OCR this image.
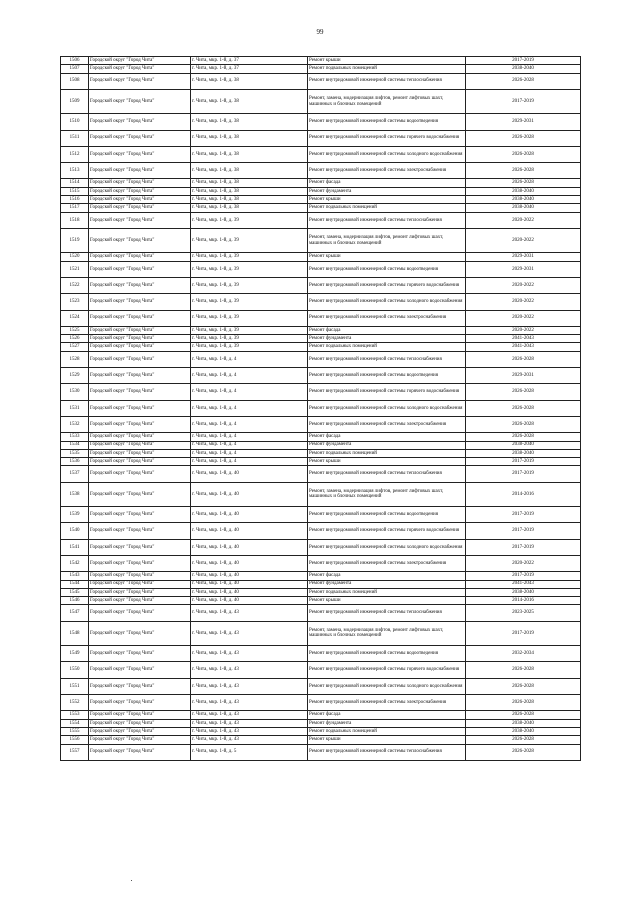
99
1506	Городской округ "Город Чита"	г. Чита, мкр. 1-й, д. 37	Ремонт крыши	2017-2019
1507	Городской округ "Город Чита"	г. Чита, мкр. 1-й, д. 37	Ремонт подвальных помещений	2038-2040
1508	Городской округ "Город Чита"	г. Чита, мкр. 1-й, д. 38	Ремонт внутридомовой инженерной системы теплоснабжения	2026-2028
1509	Городской округ "Город Чита"	г. Чита, мкр. 1-й, д. 38	Ремонт, замена, модернизация лифтов, ремонт лифтовых шахт, машинных и блочных помещений	2017-2019
1510	Городской округ "Город Чита"	г. Чита, мкр. 1-й, д. 38	Ремонт внутридомовой инженерной системы водоотведения	2029-2031
1511	Городской округ "Город Чита"	г. Чита, мкр. 1-й, д. 38	Ремонт внутридомовой инженерной системы горячего водоснабжения	2026-2028
1512	Городской округ "Город Чита"	г. Чита, мкр. 1-й, д. 38	Ремонт внутридомовой инженерной системы холодного водоснабжения	2026-2028
1513	Городской округ "Город Чита"	г. Чита, мкр. 1-й, д. 38	Ремонт внутридомовой инженерной системы электроснабжения	2026-2028
1514	Городской округ "Город Чита"	г. Чита, мкр. 1-й, д. 38	Ремонт фасада	2026-2028
1515	Городской округ "Город Чита"	г. Чита, мкр. 1-й, д. 38	Ремонт фундамента	2038-2040
1516	Городской округ "Город Чита"	г. Чита, мкр. 1-й, д. 38	Ремонт крыши	2038-2040
1517	Городской округ "Город Чита"	г. Чита, мкр. 1-й, д. 38	Ремонт подвальных помещений	2038-2040
1518	Городской округ "Город Чита"	г. Чита, мкр. 1-й, д. 39	Ремонт внутридомовой инженерной системы теплоснабжения	2020-2022
1519	Городской округ "Город Чита"	г. Чита, мкр. 1-й, д. 39	Ремонт, замена, модернизация лифтов, ремонт лифтовых шахт, машинных и блочных помещений	2020-2022
1520	Городской округ "Город Чита"	г. Чита, мкр. 1-й, д. 39	Ремонт крыши	2029-2031
1521	Городской округ "Город Чита"	г. Чита, мкр. 1-й, д. 39	Ремонт внутридомовой инженерной системы водоотведения	2029-2031
1522	Городской округ "Город Чита"	г. Чита, мкр. 1-й, д. 39	Ремонт внутридомовой инженерной системы горячего водоснабжения	2020-2022
1523	Городской округ "Город Чита"	г. Чита, мкр. 1-й, д. 39	Ремонт внутридомовой инженерной системы холодного водоснабжения	2020-2022
1524	Городской округ "Город Чита"	г. Чита, мкр. 1-й, д. 39	Ремонт внутридомовой инженерной системы электроснабжения	2020-2022
1525	Городской округ "Город Чита"	г. Чита, мкр. 1-й, д. 39	Ремонт фасада	2020-2022
1526	Городской округ "Город Чита"	г. Чита, мкр. 1-й, д. 39	Ремонт фундамента	2041-2043
1527	Городской округ "Город Чита"	г. Чита, мкр. 1-й, д. 39	Ремонт подвальных помещений	2041-2043
1528	Городской округ "Город Чита"	г. Чита, мкр. 1-й, д. 4	Ремонт внутридомовой инженерной системы теплоснабжения	2026-2028
1529	Городской округ "Город Чита"	г. Чита, мкр. 1-й, д. 4	Ремонт внутридомовой инженерной системы водоотведения	2029-2031
1530	Городской округ "Город Чита"	г. Чита, мкр. 1-й, д. 4	Ремонт внутридомовой инженерной системы горячего водоснабжения	2026-2028
1531	Городской округ "Город Чита"	г. Чита, мкр. 1-й, д. 4	Ремонт внутридомовой инженерной системы холодного водоснабжения	2026-2028
1532	Городской округ "Город Чита"	г. Чита, мкр. 1-й, д. 4	Ремонт внутридомовой инженерной системы электроснабжения	2026-2028
1533	Городской округ "Город Чита"	г. Чита, мкр. 1-й, д. 4	Ремонт фасада	2026-2028
1534	Городской округ "Город Чита"	г. Чита, мкр. 1-й, д. 4	Ремонт фундамента	2038-2040
1535	Городской округ "Город Чита"	г. Чита, мкр. 1-й, д. 4	Ремонт подвальных помещений	2038-2040
1536	Городской округ "Город Чита"	г. Чита, мкр. 1-й, д. 4	Ремонт крыши	2017-2019
1537	Городской округ "Город Чита"	г. Чита, мкр. 1-й, д. 40	Ремонт внутридомовой инженерной системы теплоснабжения	2017-2019
1538	Городской округ "Город Чита"	г. Чита, мкр. 1-й, д. 40	Ремонт, замена, модернизация лифтов, ремонт лифтовых шахт, машинных и блочных помещений	2014-2016
1539	Городской округ "Город Чита"	г. Чита, мкр. 1-й, д. 40	Ремонт внутридомовой инженерной системы водоотведения	2017-2019
1540	Городской округ "Город Чита"	г. Чита, мкр. 1-й, д. 40	Ремонт внутридомовой инженерной системы горячего водоснабжения	2017-2019
1541	Городской округ "Город Чита"	г. Чита, мкр. 1-й, д. 40	Ремонт внутридомовой инженерной системы холодного водоснабжения	2017-2019
1542	Городской округ "Город Чита"	г. Чита, мкр. 1-й, д. 40	Ремонт внутридомовой инженерной системы электроснабжения	2020-2022
1543	Городской округ "Город Чита"	г. Чита, мкр. 1-й, д. 40	Ремонт фасада	2017-2019
1544	Городской округ "Город Чита"	г. Чита, мкр. 1-й, д. 40	Ремонт фундамента	2041-2043
1545	Городской округ "Город Чита"	г. Чита, мкр. 1-й, д. 40	Ремонт подвальных помещений	2038-2040
1546	Городской округ "Город Чита"	г. Чита, мкр. 1-й, д. 40	Ремонт крыши	2014-2016
1547	Городской округ "Город Чита"	г. Чита, мкр. 1-й, д. 43	Ремонт внутридомовой инженерной системы теплоснабжения	2023-2025
1548	Городской округ "Город Чита"	г. Чита, мкр. 1-й, д. 43	Ремонт, замена, модернизация лифтов, ремонт лифтовых шахт, машинных и блочных помещений	2017-2019
1549	Городской округ "Город Чита"	г. Чита, мкр. 1-й, д. 43	Ремонт внутридомовой инженерной системы водоотведения	2032-2034
1550	Городской округ "Город Чита"	г. Чита, мкр. 1-й, д. 43	Ремонт внутридомовой инженерной системы горячего водоснабжения	2026-2028
1551	Городской округ "Город Чита"	г. Чита, мкр. 1-й, д. 43	Ремонт внутридомовой инженерной системы холодного водоснабжения	2026-2028
1552	Городской округ "Город Чита"	г. Чита, мкр. 1-й, д. 43	Ремонт внутридомовой инженерной системы электроснабжения	2026-2028
1553	Городской округ "Город Чита"	г. Чита, мкр. 1-й, д. 43	Ремонт фасада	2026-2028
1554	Городской округ "Город Чита"	г. Чита, мкр. 1-й, д. 43	Ремонт фундамента	2038-2040
1555	Городской округ "Город Чита"	г. Чита, мкр. 1-й, д. 43	Ремонт подвальных помещений	2038-2040
1556	Городской округ "Город Чита"	г. Чита, мкр. 1-й, д. 43	Ремонт крыши	2026-2028
1557	Городской округ "Город Чита"	г. Чита, мкр. 1-й, д. 5	Ремонт внутридомовой инженерной системы теплоснабжения	2026-2028
